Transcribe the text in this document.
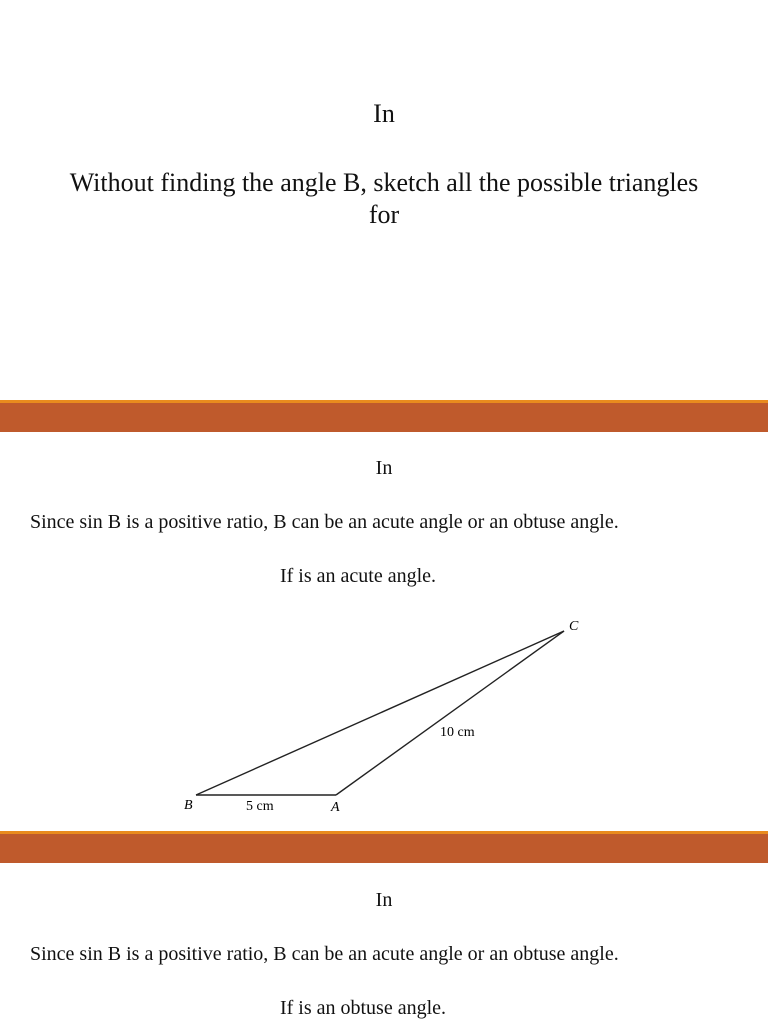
In
Without finding the angle B, sketch all the possible triangles
for
In
Since sin B is a positive ratio, B can be an acute angle or an obtuse angle.
If is an acute angle.
B	A
C
5 cm
10 cm
In
Since sin B is a positive ratio, B can be an acute angle or an obtuse angle.
If is an obtuse angle.
